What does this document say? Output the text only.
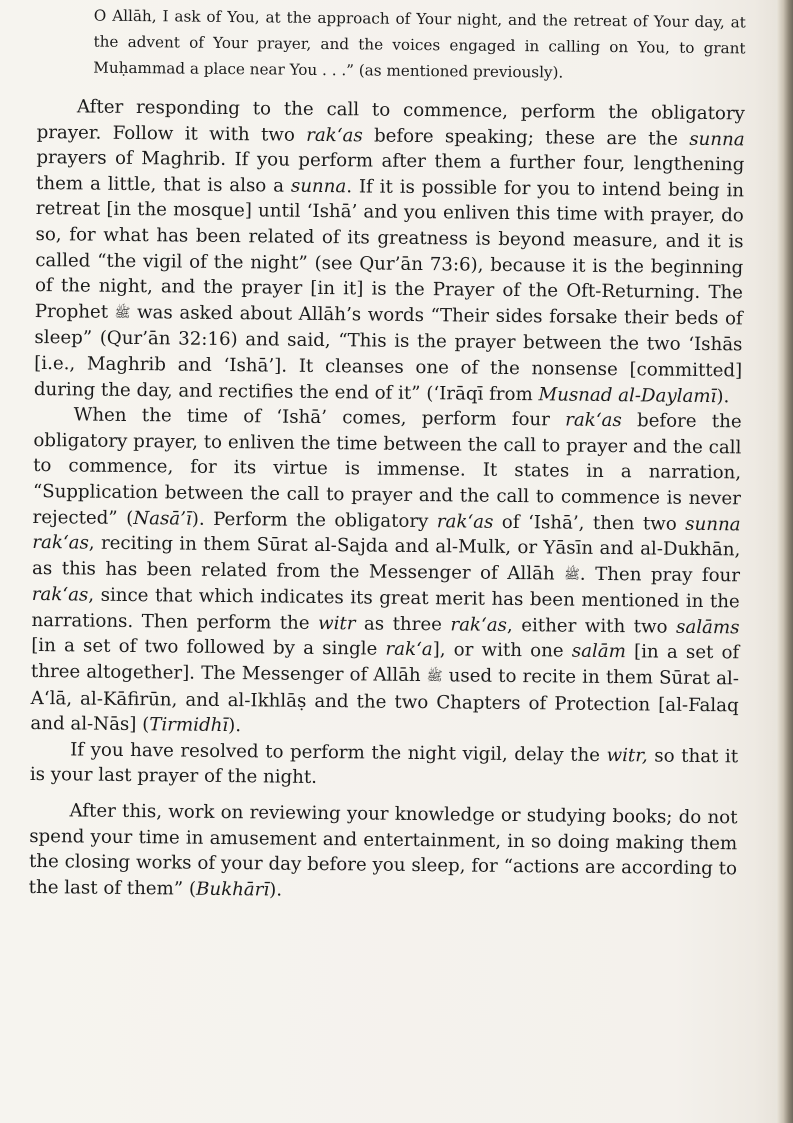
O Allāh, I ask of You, at the approach of Your night, and the retreat of Your day, at the advent of Your prayer, and the voices engaged in calling on You, to grant Muḥammad a place near You . . .” (as mentioned previously).

After responding to the call to commence, perform the obligatory prayer. Follow it with two rak‘as before speaking; these are the sunna prayers of Maghrib. If you perform after them a further four, lengthening them a little, that is also a sunna. If it is possible for you to intend being in retreat [in the mosque] until ‘Ishā’ and you enliven this time with prayer, do so, for what has been related of its greatness is beyond measure, and it is called “the vigil of the night” (see Qur’ān 73:6), because it is the beginning of the night, and the prayer [in it] is the Prayer of the Oft-Returning. The Prophet ﷺ was asked about Allāh’s words “Their sides forsake their beds of sleep” (Qur’ān 32:16) and said, “This is the prayer between the two ‘Ishās [i.e., Maghrib and ‘Ishā’]. It cleanses one of the nonsense [committed] during the day, and rectifies the end of it” (‘Irāqī from Musnad al-Daylamī).

When the time of ‘Ishā’ comes, perform four rak‘as before the obligatory prayer, to enliven the time between the call to prayer and the call to commence, for its virtue is immense. It states in a narration, “Supplication between the call to prayer and the call to commence is never rejected” (Nasā’ī). Perform the obligatory rak‘as of ‘Ishā’, then two sunna rak‘as, reciting in them Sūrat al-Sajda and al-Mulk, or Yāsīn and al-Dukhān, as this has been related from the Messenger of Allāh ﷺ. Then pray four rak‘as, since that which indicates its great merit has been mentioned in the narrations. Then perform the witr as three rak‘as, either with two salāms [in a set of two followed by a single rak‘a], or with one salām [in a set of three altogether]. The Messenger of Allāh ﷺ used to recite in them Sūrat al-A‘lā, al-Kāfirūn, and al-Ikhlāṣ and the two Chapters of Protection [al-Falaq and al-Nās] (Tirmidhī).

If you have resolved to perform the night vigil, delay the witr, so that it is your last prayer of the night.

After this, work on reviewing your knowledge or studying books; do not spend your time in amusement and entertainment, in so doing making them the closing works of your day before you sleep, for “actions are according to the last of them” (Bukhārī).
